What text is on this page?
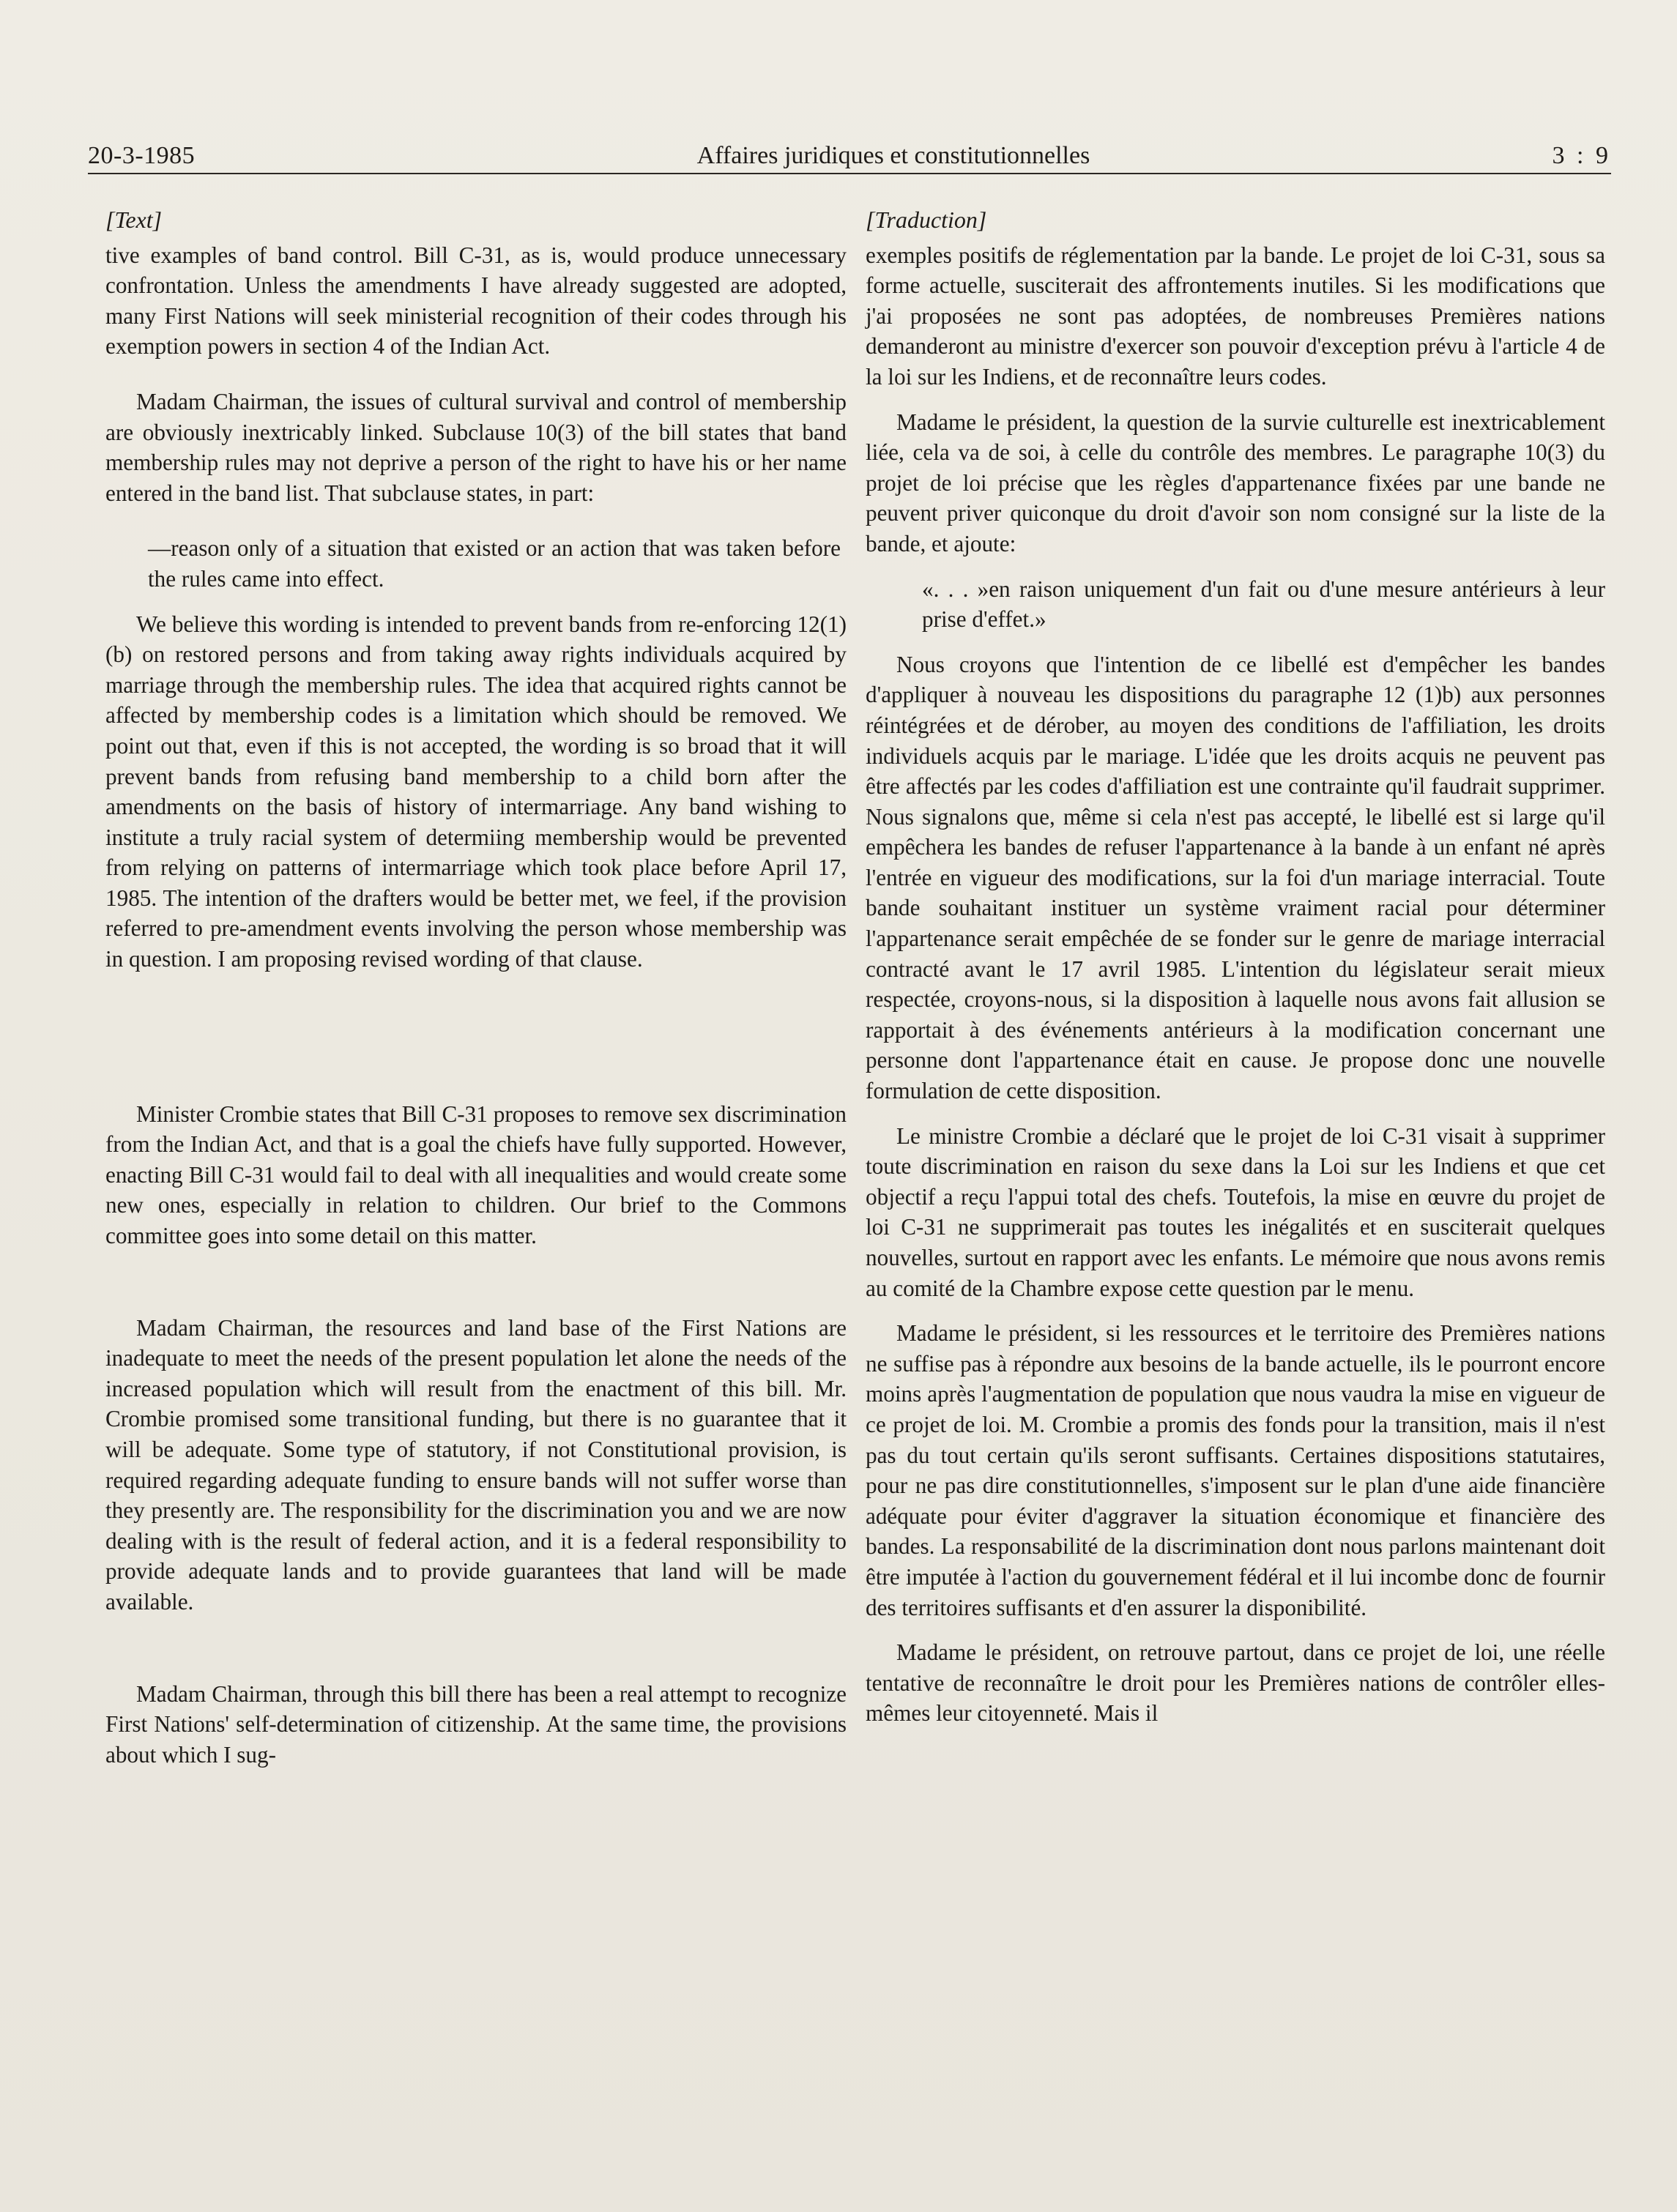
20-3-1985	Affaires juridiques et constitutionnelles	3 : 9
[Text]

tive examples of band control. Bill C-31, as is, would produce unnecessary confrontation. Unless the amendments I have already suggested are adopted, many First Nations will seek ministerial recognition of their codes through his exemption powers in section 4 of the Indian Act.

Madam Chairman, the issues of cultural survival and control of membership are obviously inextricably linked. Subclause 10(3) of the bill states that band membership rules may not deprive a person of the right to have his or her name entered in the band list. That subclause states, in part:

—reason only of a situation that existed or an action that was taken before the rules came into effect.

We believe this wording is intended to prevent bands from re-enforcing 12(1)(b) on restored persons and from taking away rights individuals acquired by marriage through the membership rules. The idea that acquired rights cannot be affected by membership codes is a limitation which should be removed. We point out that, even if this is not accepted, the wording is so broad that it will prevent bands from refusing band membership to a child born after the amendments on the basis of history of intermarriage. Any band wishing to institute a truly racial system of determiing membership would be prevented from relying on patterns of intermarriage which took place before April 17, 1985. The intention of the drafters would be better met, we feel, if the provision referred to pre-amendment events involving the person whose membership was in question. I am proposing revised wording of that clause.

Minister Crombie states that Bill C-31 proposes to remove sex discrimination from the Indian Act, and that is a goal the chiefs have fully supported. However, enacting Bill C-31 would fail to deal with all inequalities and would create some new ones, especially in relation to children. Our brief to the Commons committee goes into some detail on this matter.

Madam Chairman, the resources and land base of the First Nations are inadequate to meet the needs of the present population let alone the needs of the increased population which will result from the enactment of this bill. Mr. Crombie promised some transitional funding, but there is no guarantee that it will be adequate. Some type of statutory, if not Constitutional provision, is required regarding adequate funding to ensure bands will not suffer worse than they presently are. The responsibility for the discrimination you and we are now dealing with is the result of federal action, and it is a federal responsibility to provide adequate lands and to provide guarantees that land will be made available.

Madam Chairman, through this bill there has been a real attempt to recognize First Nations' self-determination of citizenship. At the same time, the provisions about which I sug-

[Traduction]

exemples positifs de réglementation par la bande. Le projet de loi C-31, sous sa forme actuelle, susciterait des affrontements inutiles. Si les modifications que j'ai proposées ne sont pas adoptées, de nombreuses Premières nations demanderont au ministre d'exercer son pouvoir d'exception prévu à l'article 4 de la loi sur les Indiens, et de reconnaître leurs codes.

Madame le président, la question de la survie culturelle est inextricablement liée, cela va de soi, à celle du contrôle des membres. Le paragraphe 10(3) du projet de loi précise que les règles d'appartenance fixées par une bande ne peuvent priver quiconque du droit d'avoir son nom consigné sur la liste de la bande, et ajoute:

«. . . »en raison uniquement d'un fait ou d'une mesure antérieurs à leur prise d'effet.»

Nous croyons que l'intention de ce libellé est d'empêcher les bandes d'appliquer à nouveau les dispositions du paragraphe 12 (1)b) aux personnes réintégrées et de dérober, au moyen des conditions de l'affiliation, les droits individuels acquis par le mariage. L'idée que les droits acquis ne peuvent pas être affectés par les codes d'affiliation est une contrainte qu'il faudrait supprimer. Nous signalons que, même si cela n'est pas accepté, le libellé est si large qu'il empêchera les bandes de refuser l'appartenance à la bande à un enfant né après l'entrée en vigueur des modifications, sur la foi d'un mariage interracial. Toute bande souhaitant instituer un système vraiment racial pour déterminer l'appartenance serait empêchée de se fonder sur le genre de mariage interracial contracté avant le 17 avril 1985. L'intention du législateur serait mieux respectée, croyons-nous, si la disposition à laquelle nous avons fait allusion se rapportait à des événements antérieurs à la modification concernant une personne dont l'appartenance était en cause. Je propose donc une nouvelle formulation de cette disposition.

Le ministre Crombie a déclaré que le projet de loi C-31 visait à supprimer toute discrimination en raison du sexe dans la Loi sur les Indiens et que cet objectif a reçu l'appui total des chefs. Toutefois, la mise en œuvre du projet de loi C-31 ne supprimerait pas toutes les inégalités et en susciterait quelques nouvelles, surtout en rapport avec les enfants. Le mémoire que nous avons remis au comité de la Chambre expose cette question par le menu.

Madame le président, si les ressources et le territoire des Premières nations ne suffise pas à répondre aux besoins de la bande actuelle, ils le pourront encore moins après l'augmentation de population que nous vaudra la mise en vigueur de ce projet de loi. M. Crombie a promis des fonds pour la transition, mais il n'est pas du tout certain qu'ils seront suffisants. Certaines dispositions statutaires, pour ne pas dire constitutionnelles, s'imposent sur le plan d'une aide financière adéquate pour éviter d'aggraver la situation économique et financière des bandes. La responsabilité de la discrimination dont nous parlons maintenant doit être imputée à l'action du gouvernement fédéral et il lui incombe donc de fournir des territoires suffisants et d'en assurer la disponibilité.

Madame le président, on retrouve partout, dans ce projet de loi, une réelle tentative de reconnaître le droit pour les Premières nations de contrôler elles-mêmes leur citoyenneté. Mais il
